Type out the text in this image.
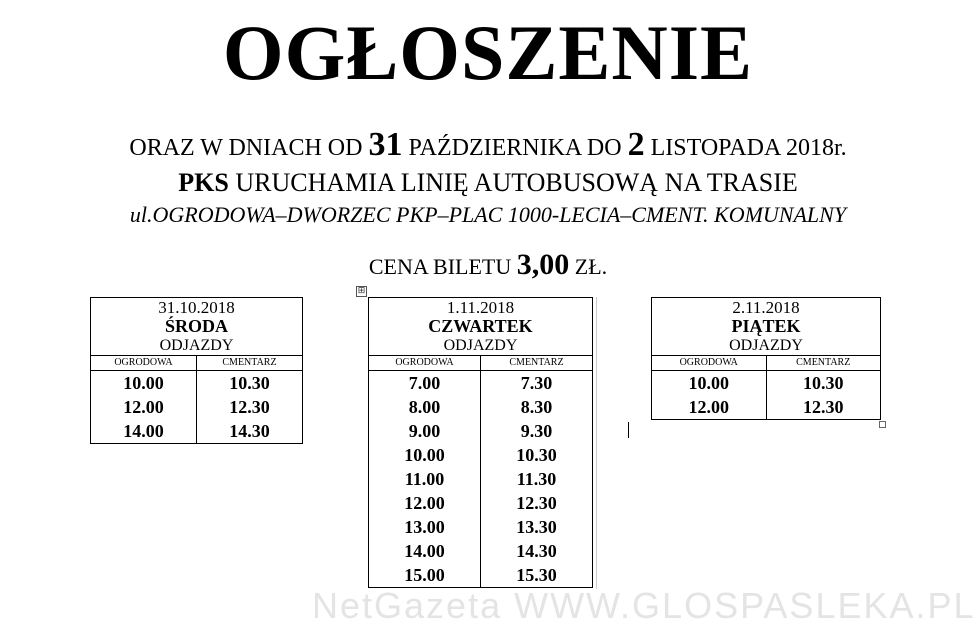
OGŁOSZENIE
ORAZ W DNIACH OD 31 PAŹDZIERNIKA DO 2 LISTOPADA 2018r.
PKS URUCHAMIA LINIĘ AUTOBUSOWĄ NA TRASIE
ul.OGRODOWA–DWORZEC PKP–PLAC 1000-LECIA–CMENT. KOMUNALNY
CENA BILETU 3,00 ZŁ.
⊞
31.10.2018
ŚRODA
ODJAZDY	

OGRODOWA	CMENTARZ
10.00	10.30
12.00	12.30
14.00	14.30
1.11.2018
CZWARTEK
ODJAZDY	

OGRODOWA	CMENTARZ
7.00	7.30
8.00	8.30
9.00	9.30
10.00	10.30
11.00	11.30
12.00	12.30
13.00	13.30
14.00	14.30
15.00	15.30
2.11.2018
PIĄTEK
ODJAZDY	

OGRODOWA	CMENTARZ
10.00	10.30
12.00	12.30
NetGazeta WWW.GLOSPASLEKA.PL
